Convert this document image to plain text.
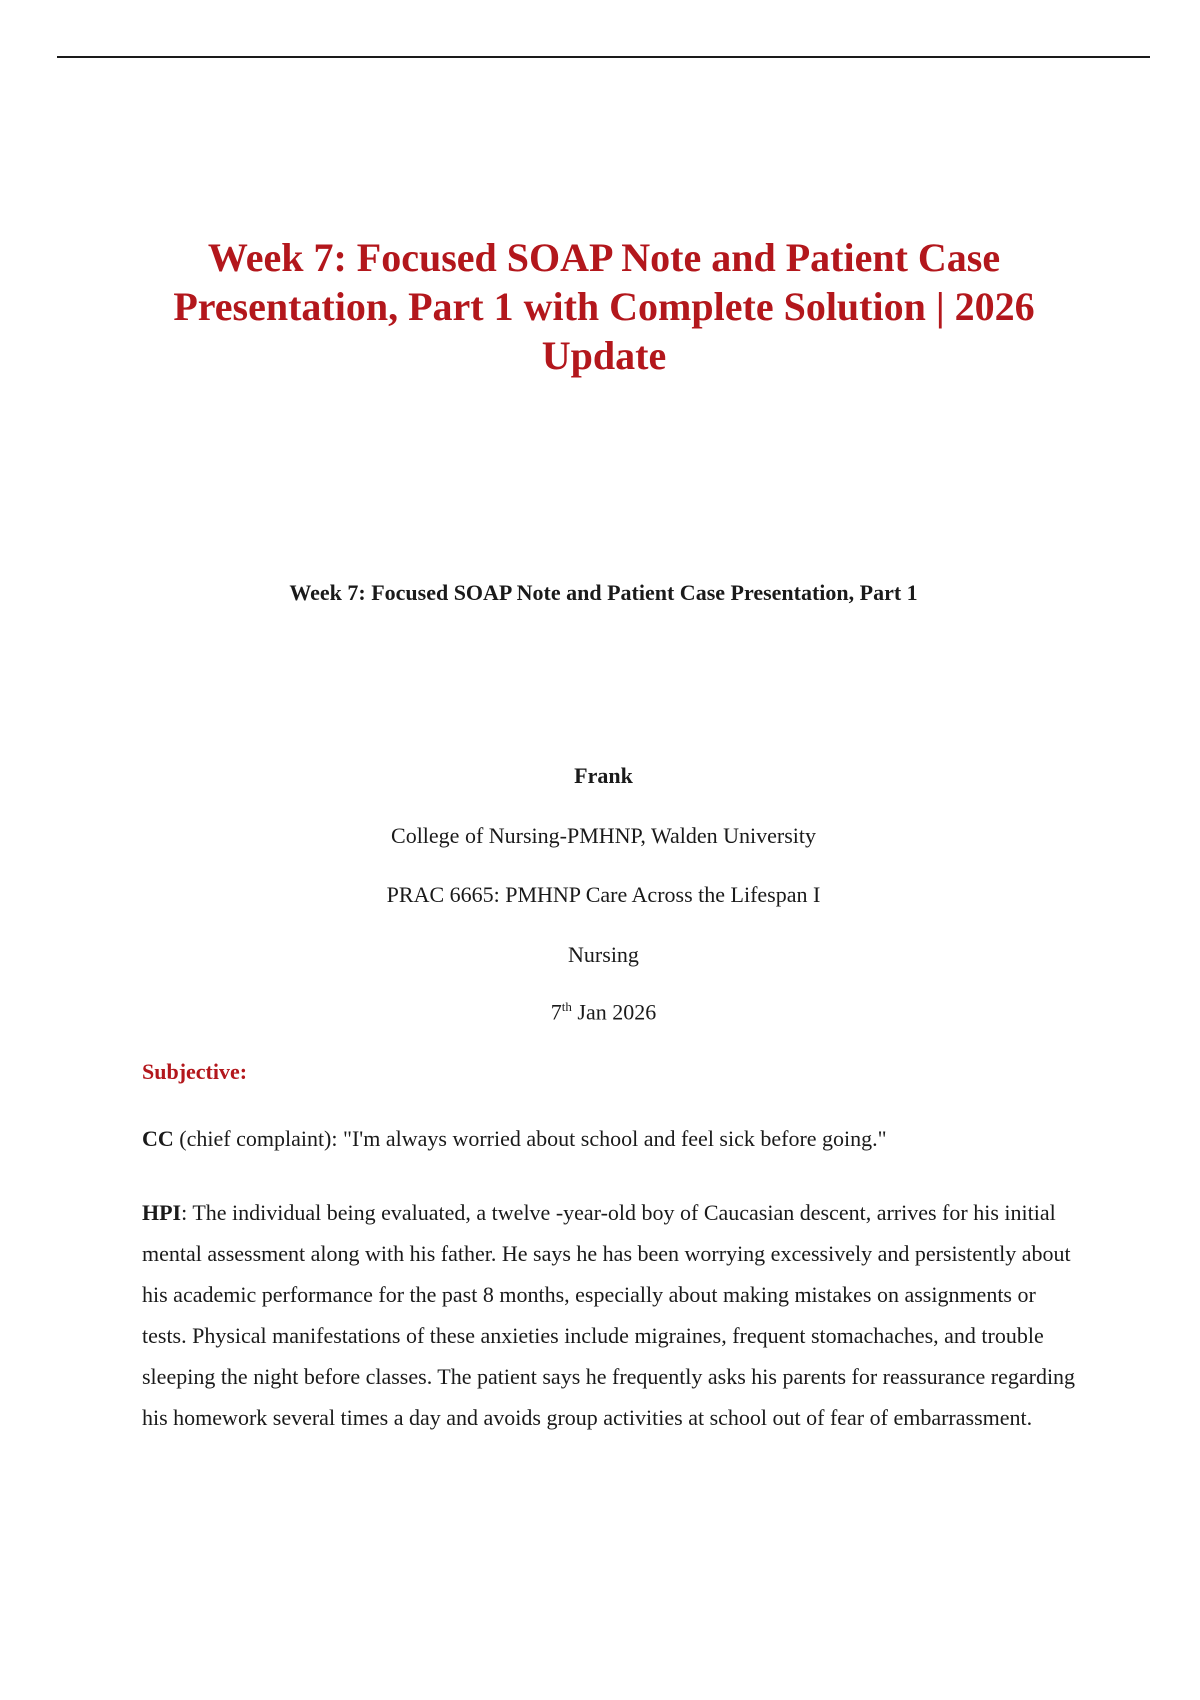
Week 7: Focused SOAP Note and Patient Case Presentation, Part 1 with Complete Solution | 2026 Update
Week 7: Focused SOAP Note and Patient Case Presentation, Part 1

Frank

College of Nursing-PMHNP, Walden University

PRAC 6665: PMHNP Care Across the Lifespan I

Nursing

7th Jan 2026

Subjective:

CC (chief complaint): "I'm always worried about school and feel sick before going."

HPI: The individual being evaluated, a twelve -year-old boy of Caucasian descent, arrives for his initial mental assessment along with his father. He says he has been worrying excessively and persistently about his academic performance for the past 8 months, especially about making mistakes on assignments or tests. Physical manifestations of these anxieties include migraines, frequent stomachaches, and trouble sleeping the night before classes. The patient says he frequently asks his parents for reassurance regarding his homework several times a day and avoids group activities at school out of fear of embarrassment.
